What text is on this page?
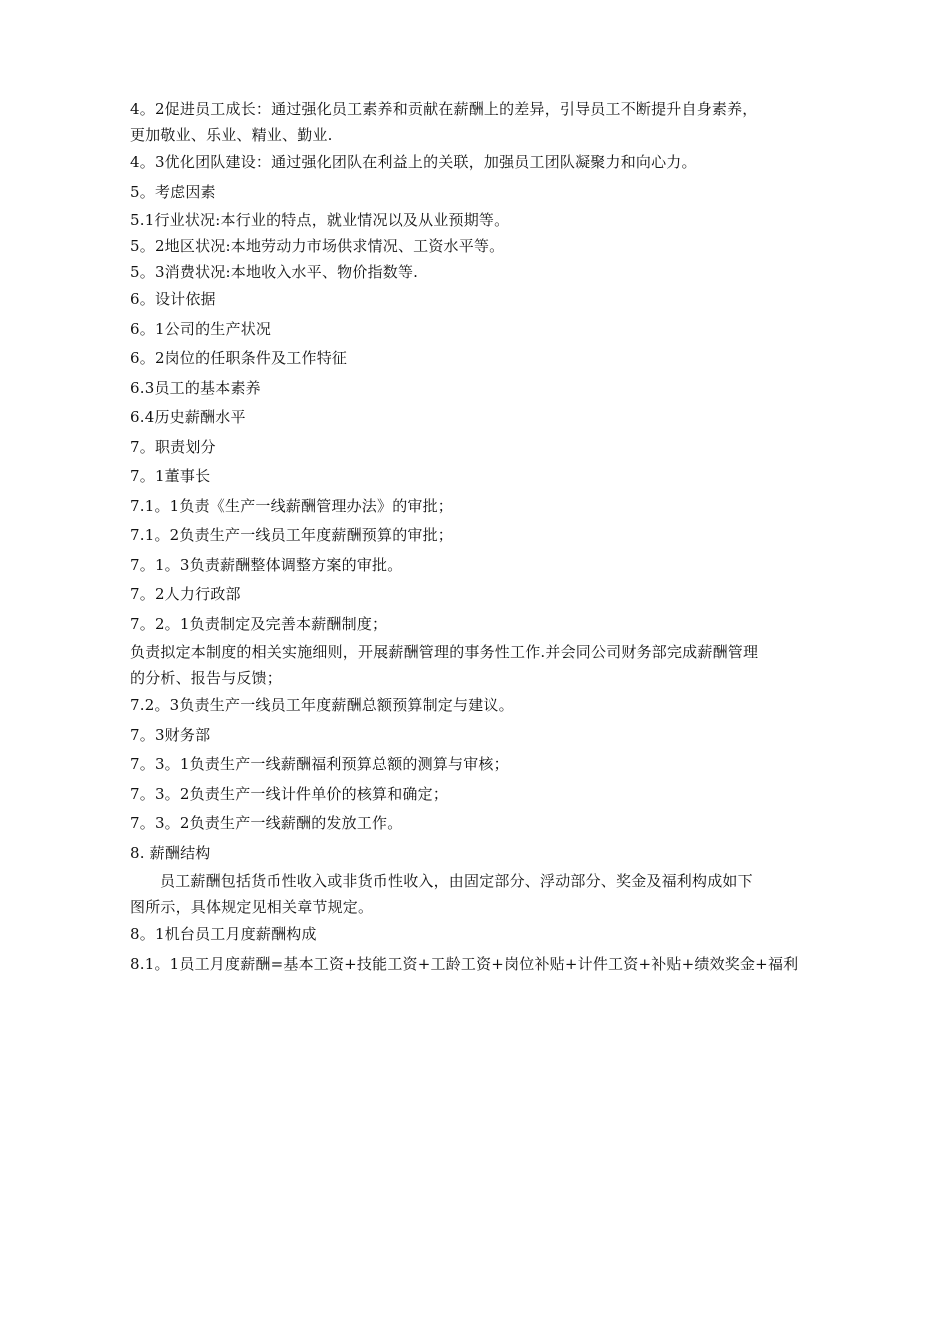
4。2促进员工成长：通过强化员工素养和贡献在薪酬上的差异，引导员工不断提升自身素养，
更加敬业、乐业、精业、勤业.
4。3优化团队建设：通过强化团队在利益上的关联，加强员工团队凝聚力和向心力。
5。考虑因素
5.1行业状况:本行业的特点，就业情况以及从业预期等。
5。2地区状况:本地劳动力市场供求情况、工资水平等。
5。3消费状况:本地收入水平、物价指数等.
6。设计依据
6。1公司的生产状况
6。2岗位的任职条件及工作特征
6.3员工的基本素养
6.4历史薪酬水平
7。职责划分
7。1董事长
7.1。1负责《生产一线薪酬管理办法》的审批；
7.1。2负责生产一线员工年度薪酬预算的审批；
7。1。3负责薪酬整体调整方案的审批。
7。2人力行政部
7。2。1负责制定及完善本薪酬制度；
负责拟定本制度的相关实施细则，开展薪酬管理的事务性工作.并会同公司财务部完成薪酬管理
的分析、报告与反馈；
7.2。3负责生产一线员工年度薪酬总额预算制定与建议。
7。3财务部
7。3。1负责生产一线薪酬福利预算总额的测算与审核；
7。3。2负责生产一线计件单价的核算和确定；
7。3。2负责生产一线薪酬的发放工作。
8. 薪酬结构
员工薪酬包括货币性收入或非货币性收入，由固定部分、浮动部分、奖金及福利构成如下
图所示，具体规定见相关章节规定。
8。1机台员工月度薪酬构成
8.1。1员工月度薪酬=基本工资+技能工资+工龄工资+岗位补贴+计件工资+补贴+绩效奖金+福利
